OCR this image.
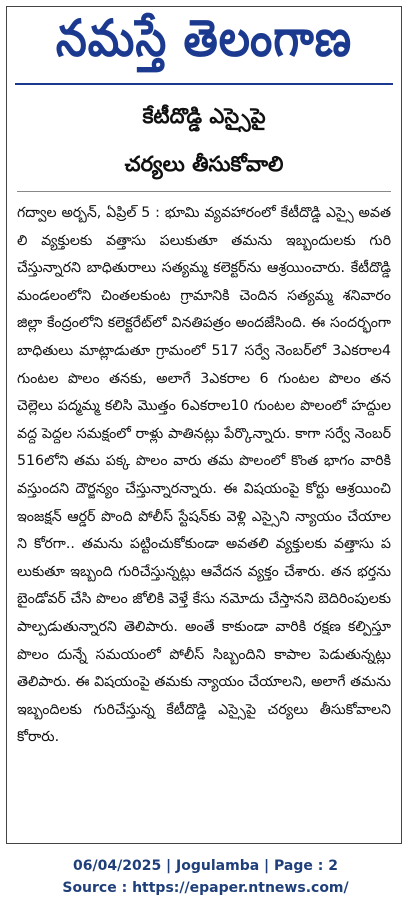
నమస్తే తెలంగాణ
కేటీదొడ్డి ఎస్సైపై
చర్యలు తీసుకోవాలి
గద్వాల అర్బన్, ఏప్రిల్ 5 : భూమి వ్యవహారంలో కేటీదొడ్డి ఎస్సై అవతలి వ్యక్తులకు వత్తాసు పలుకుతూ తమను ఇబ్బందులకు గురి చేస్తున్నారని బాధితురాలు సత్యమ్మ కలెక్టర్‌ను ఆశ్రయించారు. కేటీదొడ్డి మండలంలోని చింతలకుంట గ్రామానికి చెందిన సత్యమ్మ శనివారం జిల్లా కేంద్రంలోని కలెక్టరేట్‌లో వినతిపత్రం అందజేసింది. ఈ సందర్భంగా బాధితులు మాట్లాడుతూ గ్రామంలో 517 సర్వే నెంబర్‌లో 3ఎకరాల4 గుంటల పొలం తనకు, అలాగే 3ఎకరాల 6 గుంటల పొలం తన చెల్లెలు పద్మమ్మ కలిసి మొత్తం 6ఎకరాల10 గుంటల పొలంలో హద్దుల వద్ద పెద్దల సమక్షంలో రాళ్లు పాతినట్లు పేర్కొన్నారు. కాగా సర్వే నెంబర్ 516లోని తమ పక్క పొలం వారు తమ పొలంలో కొంత భాగం వారికి వస్తుందని దౌర్జన్యం చేస్తున్నారన్నారు. ఈ విషయంపై కోర్టు ఆశ్రయించి ఇంజక్షన్ ఆర్డర్ పొంది పోలీస్ స్టేషన్‌కు వెళ్లి ఎస్సైని న్యాయం చేయాలని కోరగా.. తమను పట్టించుకోకుండా అవతలి వ్యక్తులకు వత్తాసు పలుకుతూ ఇబ్బంది గురిచేస్తున్నట్లు ఆవేదన వ్యక్తం చేశారు. తన భర్తను బైండోవర్ చేసి పొలం జోలికి వెళ్తే కేసు నమోదు చేస్తానని బెదిరింపులకు పాల్పడుతున్నారని తెలిపారు. అంతే కాకుండా వారికి రక్షణ కల్పిస్తూ పొలం దున్నే సమయంలో పోలీస్ సిబ్బందిని కాపాల పెడుతున్నట్లు తెలిపారు. ఈ విషయంపై తమకు న్యాయం చేయాలని, అలాగే తమను ఇబ్బందిలకు గురిచేస్తున్న కేటీదొడ్డి ఎస్సైపై చర్యలు తీసుకోవాలని కోరారు.
06/04/2025 | Jogulamba | Page : 2
Source : https://epaper.ntnews.com/
